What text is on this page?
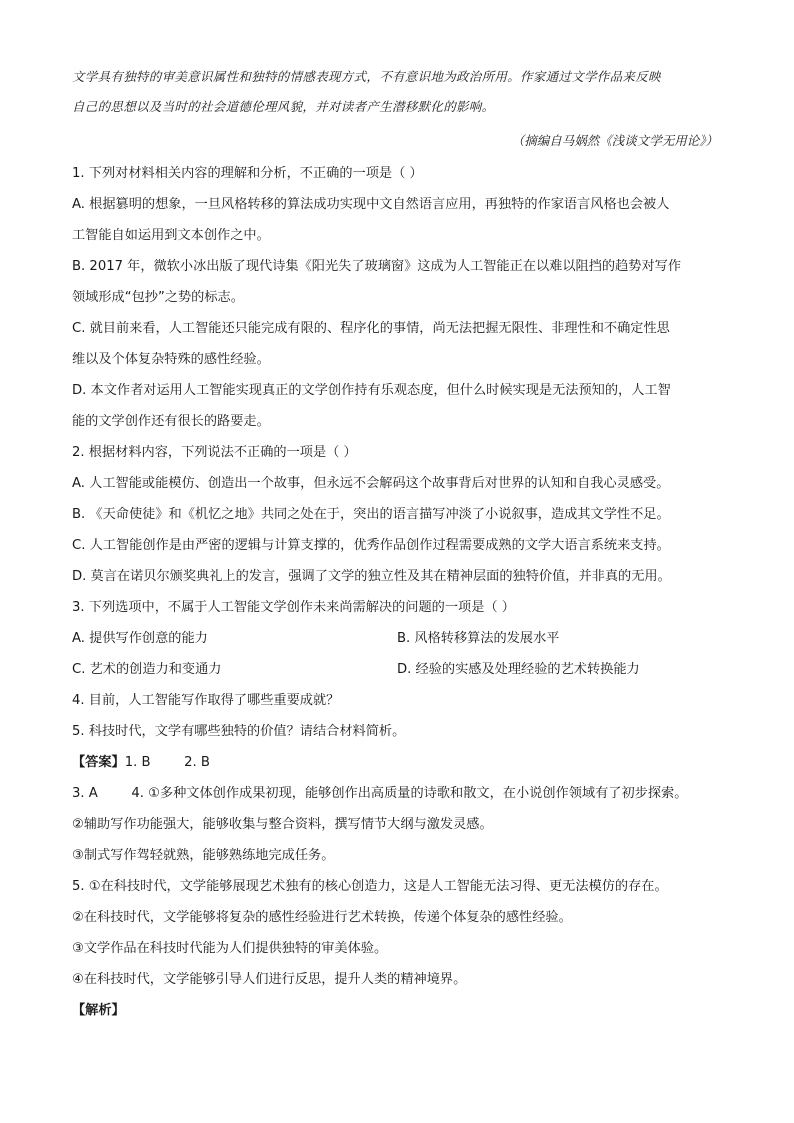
文学具有独特的审美意识属性和独特的情感表现方式，不有意识地为政治所用。作家通过文学作品来反映
自己的思想以及当时的社会道德伦理风貌，并对读者产生潜移默化的影响。

（摘编自马娲然《浅谈文学无用论》）
1. 下列对材料相关内容的理解和分析，不正确的一项是（ ）
A. 根据篡明的想象，一旦风格转移的算法成功实现中文自然语言应用，再独特的作家语言风格也会被人
工智能自如运用到文本创作之中。
B. 2017 年，微软小冰出版了现代诗集《阳光失了玻璃窗》这成为人工智能正在以难以阻挡的趋势对写作
领域形成“包抄”之势的标志。
C. 就目前来看，人工智能还只能完成有限的、程序化的事情，尚无法把握无限性、非理性和不确定性思
维以及个体复杂特殊的感性经验。
D. 本文作者对运用人工智能实现真正的文学创作持有乐观态度，但什么时候实现是无法预知的，人工智
能的文学创作还有很长的路要走。
2. 根据材料内容，下列说法不正确的一项是（ ）
A. 人工智能或能模仿、创造出一个故事，但永远不会解码这个故事背后对世界的认知和自我心灵感受。
B. 《天命使徒》和《机忆之地》共同之处在于，突出的语言描写冲淡了小说叙事，造成其文学性不足。
C. 人工智能创作是由严密的逻辑与计算支撑的，优秀作品创作过程需要成熟的文学大语言系统来支持。
D. 莫言在诺贝尔颁奖典礼上的发言，强调了文学的独立性及其在精神层面的独特价值，并非真的无用。
3. 下列选项中，不属于人工智能文学创作未来尚需解决的问题的一项是（ ）
A. 提供写作创意的能力	B. 风格转移算法的发展水平
C. 艺术的创造力和变通力	D. 经验的实感及处理经验的艺术转换能力
4. 目前，人工智能写作取得了哪些重要成就？
5. 科技时代，文学有哪些独特的价值？请结合材料简析。
【答案】1. B        2. B
3. A        4. ①多种文体创作成果初现，能够创作出高质量的诗歌和散文，在小说创作领域有了初步探索。
②辅助写作功能强大，能够收集与整合资料，撰写情节大纲与激发灵感。
③制式写作驾轻就熟，能够熟练地完成任务。
5. ①在科技时代，文学能够展现艺术独有的核心创造力，这是人工智能无法习得、更无法模仿的存在。
②在科技时代，文学能够将复杂的感性经验进行艺术转换，传递个体复杂的感性经验。
③文学作品在科技时代能为人们提供独特的审美体验。
④在科技时代，文学能够引导人们进行反思，提升人类的精神境界。
【解析】
